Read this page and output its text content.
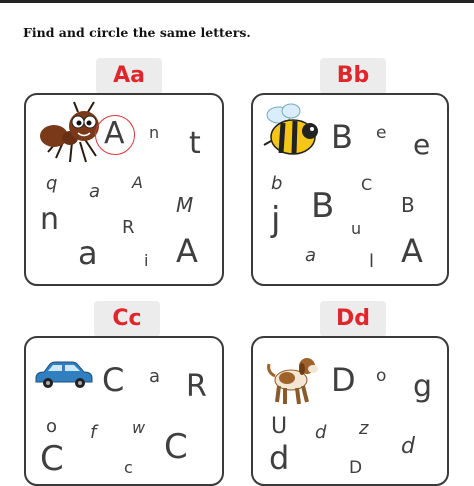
Find and circle the same letters.
Aa
A n t
q a A
M
n	R
a	i A
Bb
B e e
b	C
B	B
j	u
a	l A
Cc
C a R
o f w
C	C
c
Dd
D o g
U d z
d	d
D
